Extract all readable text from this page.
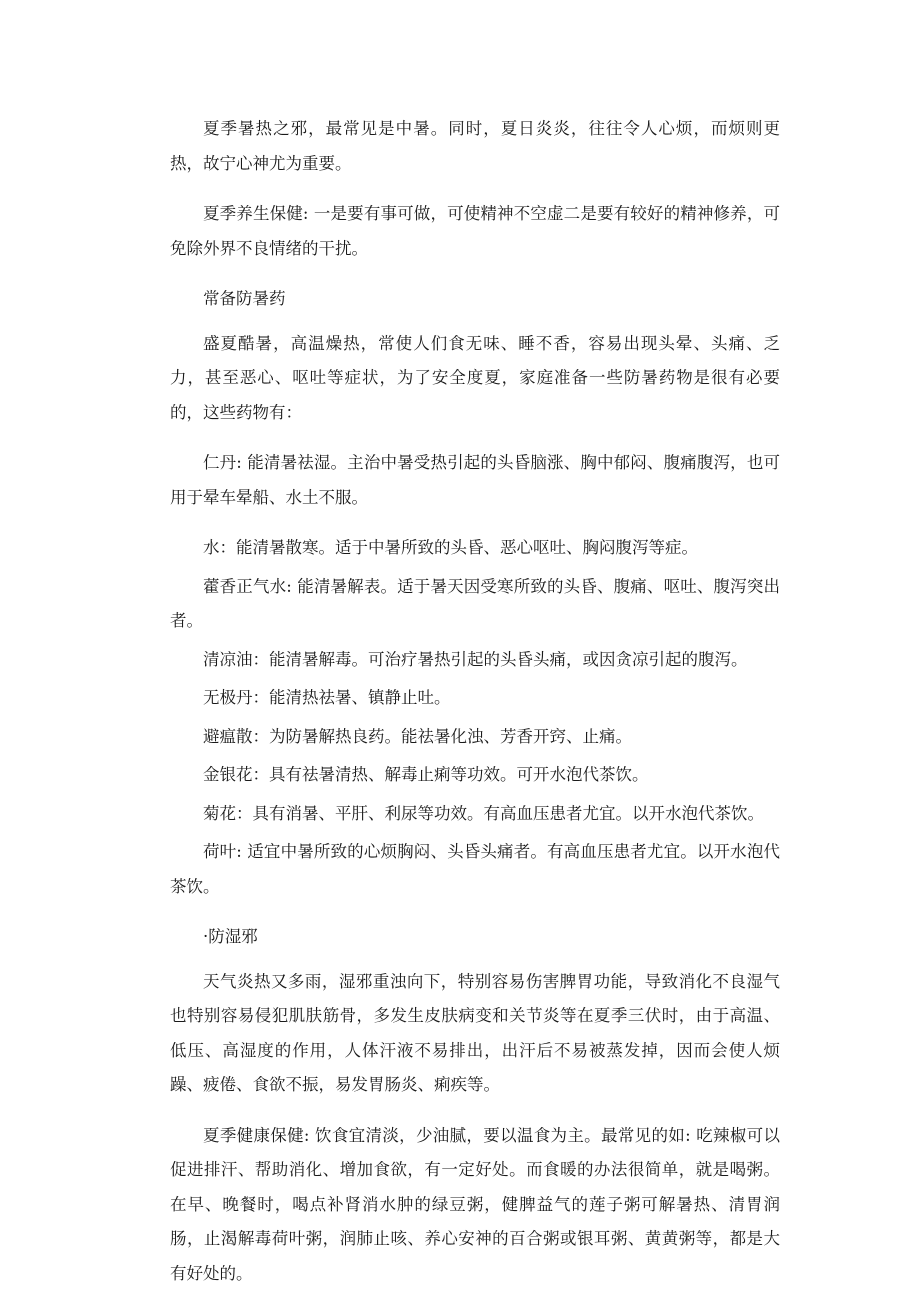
夏季暑热之邪，最常见是中暑。同时，夏日炎炎，往往令人心烦，而烦则更热，故宁心神尤为重要。

夏季养生保健: 一是要有事可做，可使精神不空虚二是要有较好的精神修养，可免除外界不良情绪的干扰。

常备防暑药

盛夏酷暑，高温燥热，常使人们食无味、睡不香，容易出现头晕、头痛、乏力，甚至恶心、呕吐等症状，为了安全度夏，家庭准备一些防暑药物是很有必要的，这些药物有：

仁丹: 能清暑祛湿。主治中暑受热引起的头昏脑涨、胸中郁闷、腹痛腹泻，也可用于晕车晕船、水土不服。

水：能清暑散寒。适于中暑所致的头昏、恶心呕吐、胸闷腹泻等症。

藿香正气水: 能清暑解表。适于暑天因受寒所致的头昏、腹痛、呕吐、腹泻突出者。

清凉油：能清暑解毒。可治疗暑热引起的头昏头痛，或因贪凉引起的腹泻。

无极丹：能清热祛暑、镇静止吐。

避瘟散：为防暑解热良药。能祛暑化浊、芳香开窍、止痛。

金银花：具有祛暑清热、解毒止痢等功效。可开水泡代茶饮。

菊花：具有消暑、平肝、利尿等功效。有高血压患者尤宜。以开水泡代茶饮。

荷叶: 适宜中暑所致的心烦胸闷、头昏头痛者。有高血压患者尤宜。以开水泡代茶饮。

·防湿邪

天气炎热又多雨，湿邪重浊向下，特别容易伤害脾胃功能，导致消化不良湿气也特别容易侵犯肌肤筋骨，多发生皮肤病变和关节炎等在夏季三伏时，由于高温、低压、高湿度的作用，人体汗液不易排出，出汗后不易被蒸发掉，因而会使人烦躁、疲倦、食欲不振，易发胃肠炎、痢疾等。

夏季健康保健: 饮食宜清淡，少油腻，要以温食为主。最常见的如: 吃辣椒可以促进排汗、帮助消化、增加食欲，有一定好处。而食暖的办法很简单，就是喝粥。在早、晚餐时，喝点补肾消水肿的绿豆粥，健脾益气的莲子粥可解暑热、清胃润肠，止渴解毒荷叶粥，润肺止咳、养心安神的百合粥或银耳粥、黄黄粥等，都是大有好处的。
